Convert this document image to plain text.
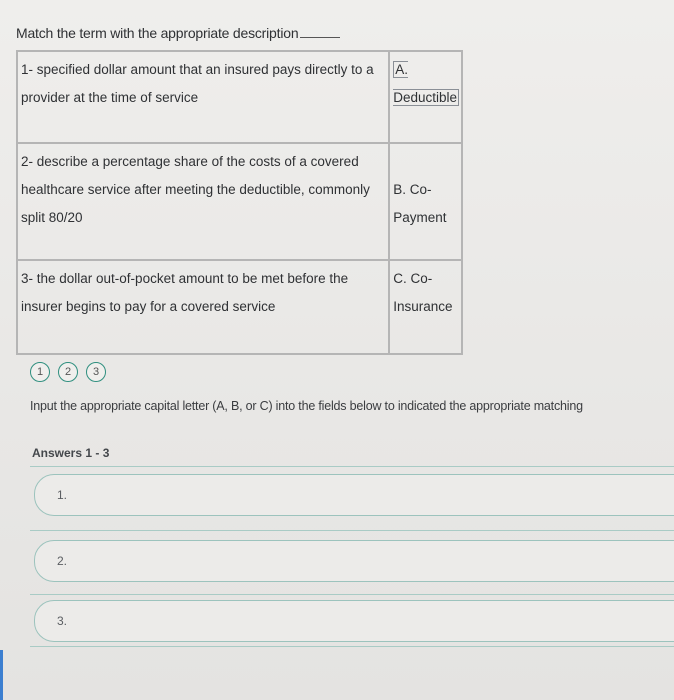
Match the term with the appropriate description
1- specified dollar amount that an insured pays directly to a provider at the time of service	A. Deductible
2- describe a percentage share of the costs of a covered healthcare service after meeting the deductible, commonly split 80/20	B. Co-Payment
3- the dollar out-of-pocket amount to be met before the insurer begins to pay for a covered service	C. Co-Insurance
1	2	3
Input the appropriate capital letter (A, B, or C) into the fields below to indicated the appropriate matching
Answers 1 - 3
1.
2.
3.
